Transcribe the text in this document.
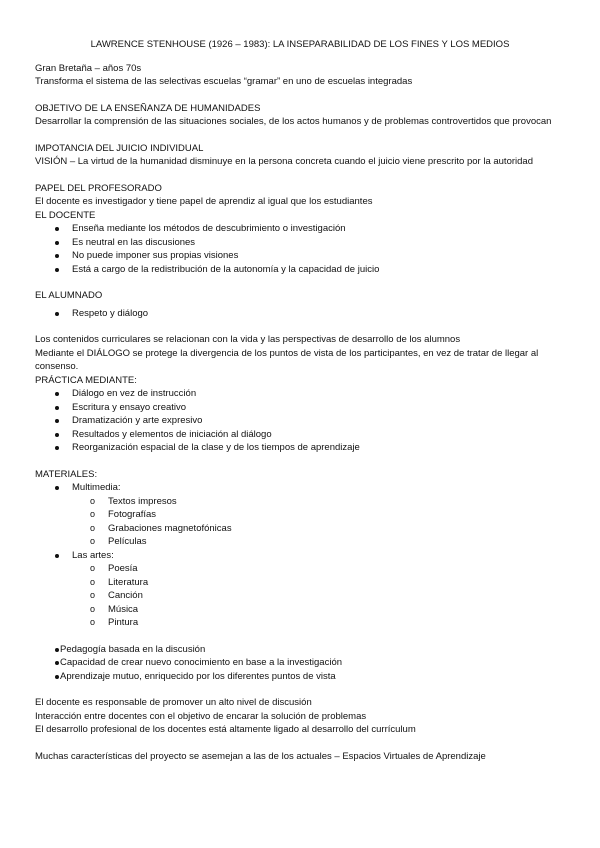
LAWRENCE STENHOUSE (1926 – 1983): LA INSEPARABILIDAD DE LOS FINES Y LOS MEDIOS

Gran Bretaña – años 70s

Transforma el sistema de las selectivas escuelas “gramar” en uno de escuelas integradas

OBJETIVO DE LA ENSEÑANZA DE HUMANIDADES

Desarrollar la comprensión de las situaciones sociales, de los actos humanos y de problemas controvertidos que provocan

IMPOTANCIA DEL JUICIO INDIVIDUAL

VISIÓN – La virtud de la humanidad disminuye en la persona concreta cuando el juicio viene prescrito por la autoridad

PAPEL DEL PROFESORADO

El docente es investigador y tiene papel de aprendiz al igual que los estudiantes

EL DOCENTE

Enseña mediante los métodos de descubrimiento o investigación
Es neutral en las discusiones
No puede imponer sus propias visiones
Está a cargo de la redistribución de la autonomía y la capacidad de juicio

EL ALUMNADO

Respeto y diálogo

Los contenidos curriculares se relacionan con la vida y las perspectivas de desarrollo de los alumnos

Mediante el DIÁLOGO se protege la divergencia de los puntos de vista de los participantes, en vez de tratar de llegar al consenso.

PRÁCTICA MEDIANTE:

Diálogo en vez de instrucción
Escritura y ensayo creativo
Dramatización y arte expresivo
Resultados y elementos de iniciación al diálogo
Reorganización espacial de la clase y de los tiempos de aprendizaje

MATERIALES:

Multimedia:
o Textos impresos
o Fotografías
o Grabaciones magnetofónicas
o Películas
Las artes:
o Poesía
o Literatura
o Canción
o Música
o Pintura
Pedagogía basada en la discusión
Capacidad de crear nuevo conocimiento en base a la investigación
Aprendizaje mutuo, enriquecido por los diferentes puntos de vista

El docente es responsable de promover un alto nivel de discusión

Interacción entre docentes con el objetivo de encarar la solución de problemas

El desarrollo profesional de los docentes está altamente ligado al desarrollo del currículum

Muchas características del proyecto se asemejan a las de los actuales – Espacios Virtuales de Aprendizaje
